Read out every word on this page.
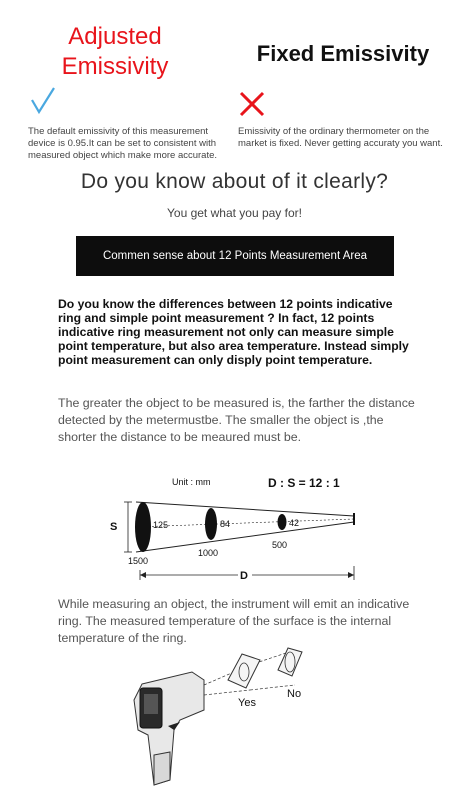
Adjusted Emissivity	Fixed Emissivity
The default emissivity of this measurement device is 0.95.It can be set to consistent with measured object which make more accurate.
Emissivity of the ordinary thermometer on the market is fixed. Never getting accuraty you want.
Do you know about of it clearly?
You get what you pay for!
Commen sense about 12 Points Measurement Area
Do you know the differences between 12 points indicative ring and simple point measurement ? In fact, 12 points indicative ring measurement not only can measure simple point temperature, but also area temperature. Instead simply point measurement can only disply point temperature.
The greater the object to be measured is, the farther the distance detected by the metermustbe. The smaller the object is ,the shorter the distance to be meaured must be.
S
Unit : mm	D : S = 12 : 1
125	84	42
1500
1000
500
D
While measuring an object, the instrument will emit an indicative ring. The measured temperature of the surface is the internal temperature of the ring.
Yes
No
